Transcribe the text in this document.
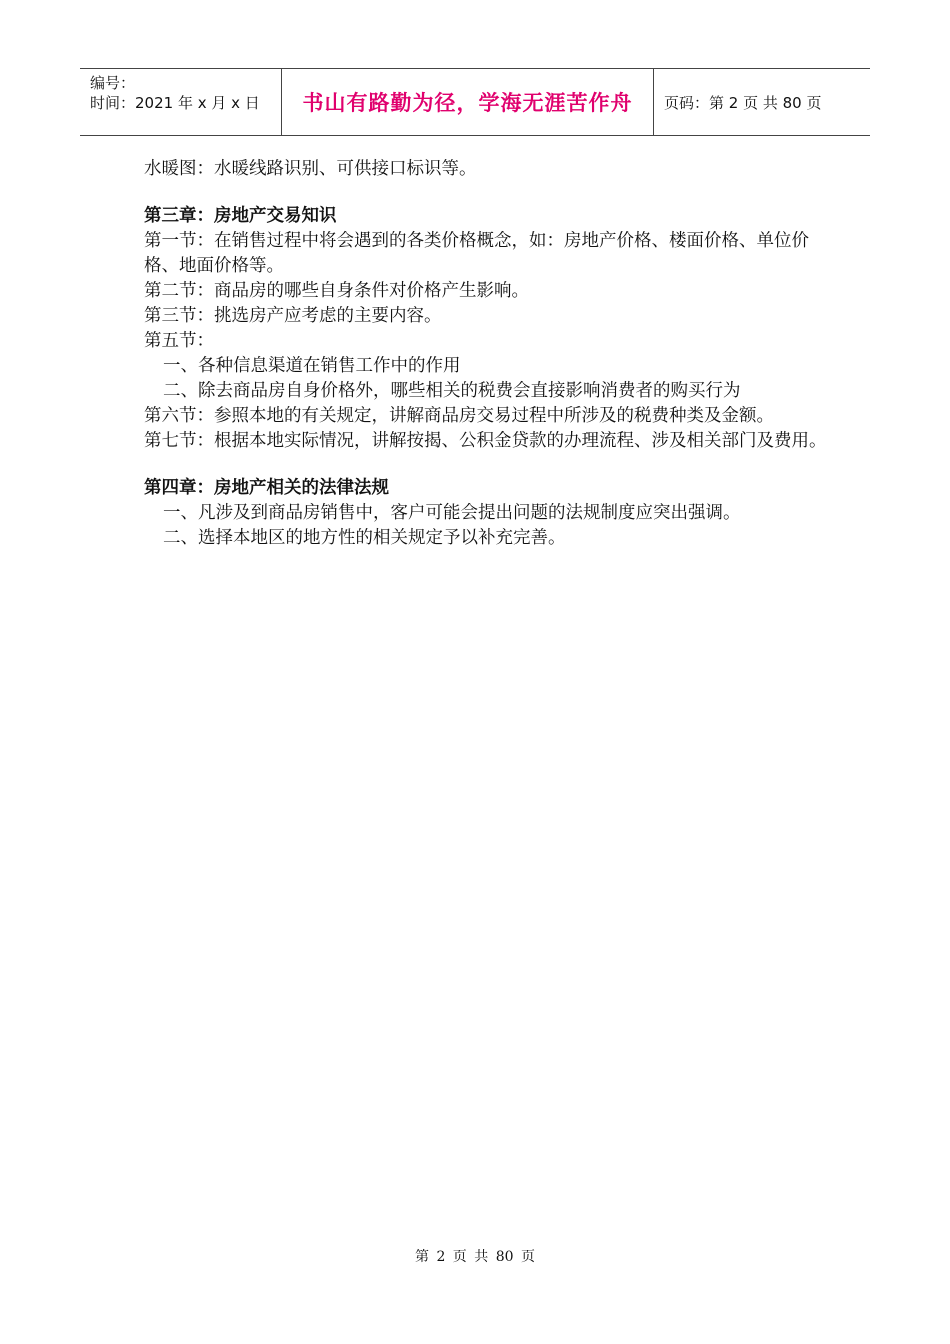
编号：
时间：2021 年 x 月 x 日	书山有路勤为径，学海无涯苦作舟	页码：第 2 页 共 80 页
水暖图：水暖线路识别、可供接口标识等。
第三章：房地产交易知识
第一节：在销售过程中将会遇到的各类价格概念，如：房地产价格、楼面价格、单位价格、地面价格等。
第二节：商品房的哪些自身条件对价格产生影响。
第三节：挑选房产应考虑的主要内容。
第五节：
一、各种信息渠道在销售工作中的作用
二、除去商品房自身价格外，哪些相关的税费会直接影响消费者的购买行为
第六节：参照本地的有关规定，讲解商品房交易过程中所涉及的税费种类及金额。
第七节：根据本地实际情况，讲解按揭、公积金贷款的办理流程、涉及相关部门及费用。
第四章：房地产相关的法律法规
一、凡涉及到商品房销售中，客户可能会提出问题的法规制度应突出强调。
二、选择本地区的地方性的相关规定予以补充完善。
第 2 页 共 80 页
